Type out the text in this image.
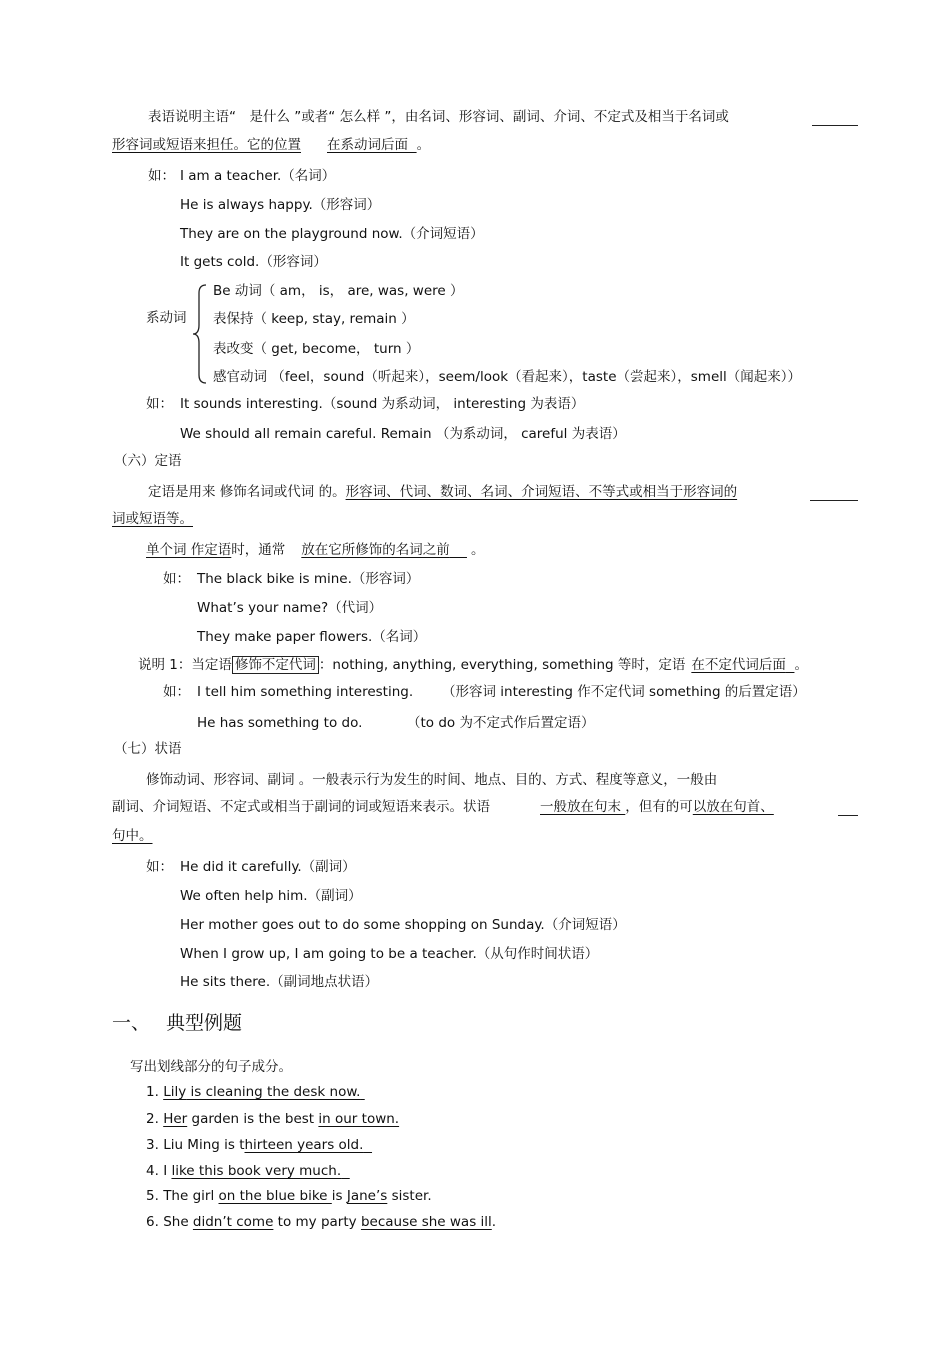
表语说明主语“　是什么 ”或者“ 怎么样 ”，由名词、形容词、副词、介词、不定式及相当于名词或
形容词或短语来担任。它的位置 在系动词后面 。
如： I am a teacher.（名词）
He is always happy.（形容词）
They are on the playground now.（介词短语）
It gets cold.（形容词）
系动词
Be 动词（ am， is， are, was, were ）
表保持（ keep, stay, remain ）
表改变（ get, become， turn ）
感官动词 （feel，sound（听起来），seem/look（看起来），taste（尝起来），smell（闻起来））
如： It sounds interesting.（sound 为系动词， interesting 为表语）
We should all remain careful. Remain （为系动词， careful 为表语）
（六）定语
定语是用来 修饰名词或代词 的。形容词、代词、数词、名词、介词短语、不等式或相当于形容词的
词或短语等。
单个词 作定语时，通常 放在它所修饰的名词之前 。
如： The black bike is mine.（形容词）
What’s your name?（代词）
They make paper flowers.（名词）
说明 1：当定语 修饰不定代词 ：nothing, anything, everything, something 等时，定语 在不定代词后面 。
如： I tell him something interesting. （形容词 interesting 作不定代词 something 的后置定语）
He has something to do.	（to do 为不定式作后置定语）
（七）状语
修饰动词、形容词、副词 。一般表示行为发生的时间、地点、目的、方式、程度等意义，一般由
副词、介词短语、不定式或相当于副词的词或短语来表示。状语	一般放在句末 ，但有的可以放在句首、
句中。
如： He did it carefully.（副词）
We often help him.（副词）
Her mother goes out to do some shopping on Sunday.（介词短语）
When I grow up, I am going to be a teacher.（从句作时间状语）
He sits there.（副词地点状语）
一、 典型例题
写出划线部分的句子成分。
1. Lily is cleaning the desk now.
2. Her garden is the best in our town.
3. Liu Ming is thirteen years old.
4. I like this book very much.
5. The girl on the blue bike is Jane’s sister.
6. She didn’t come to my party because she was ill.
